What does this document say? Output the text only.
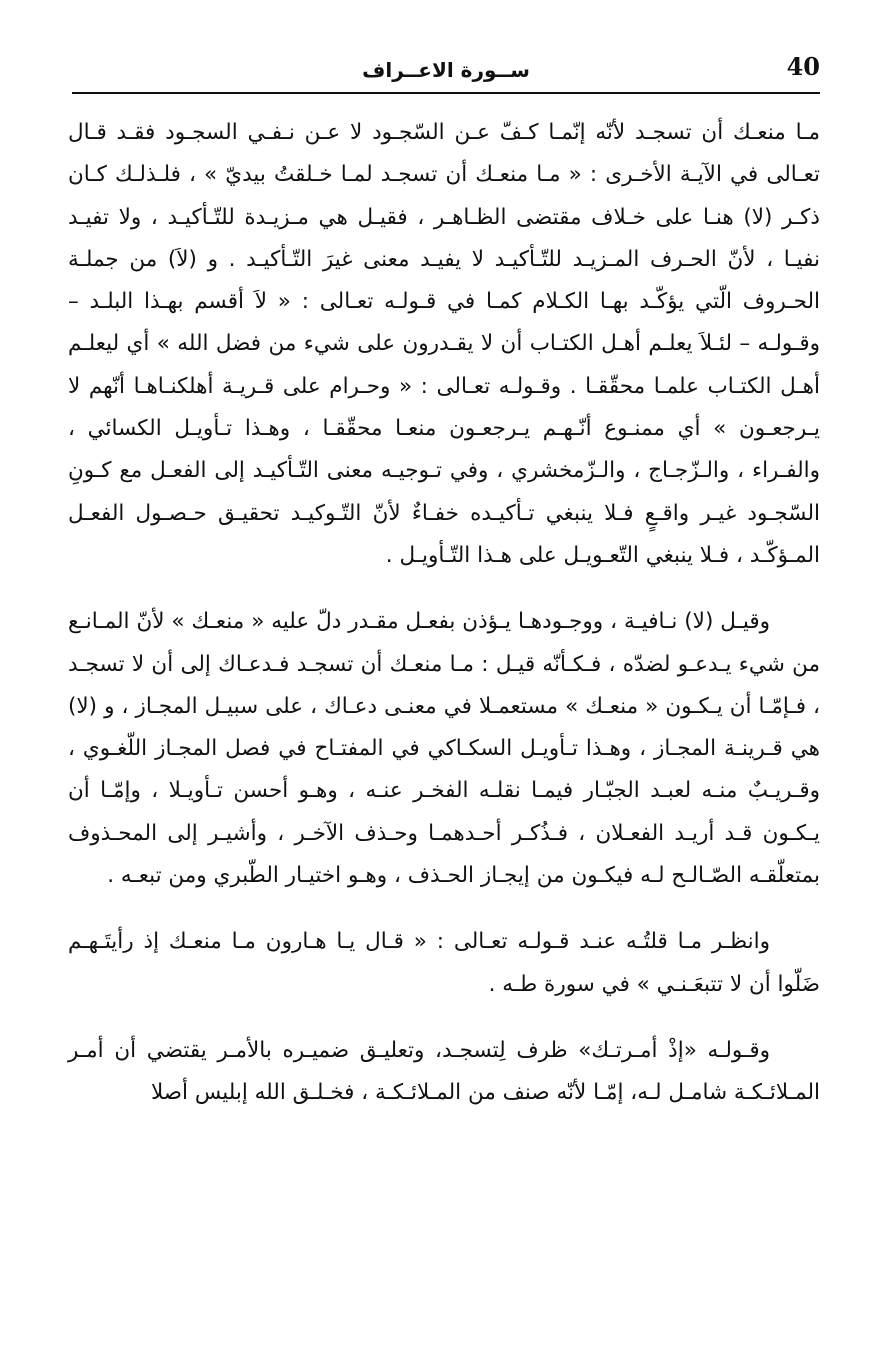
40
ســورة الاعــراف

مـا منعـك أن تسجـد لأنّه إنّمـا كـفّ عـن السّجـود لا عـن نـفـي السجـود فقـد قـال تعـالى في الآيـة الأخـرى : « مـا منعـك أن تسجـد لمـا خـلقتُ بيديّ » ، فلـذلـك كـان ذكـر (لا) هنـا على خـلاف مقتضى الظـاهـر ، فقيـل هي مـزيـدة للتّـأكيـد ، ولا تفيـد نفيـا ، لأنّ الحـرف المـزيـد للتّـأكيـد لا يفيـد معنى غيرَ التّـأكيـد . و (لاَ) من جملـة الحـروف الّتي يؤكّـد بهـا الكـلام كمـا في قـولـه تعـالى : « لاَ أقسم بهـذا البلـد – وقـولـه – لئـلاَ يعلـم أهـل الكتـاب أن لا يقـدرون على شيء من فضل الله » أي ليعلـم أهـل الكتـاب علمـا محقّقـا . وقـولـه تعـالى : « وحـرام على قـريـة أهلكنـاهـا أنّهم لا يـرجعـون » أي ممنـوع أنّـهـم يـرجعـون منعـا محقّقـا ، وهـذا تـأويـل الكسائي ، والفـراء ، والـزّجـاج ، والـزّمخشري ، وفي تـوجيـه معنى التّـأكيـد إلى الفعـل مع كـونِ السّجـود غيـر واقـعٍ فـلا ينبغي تـأكيـده خفـاءٌ لأنّ التّـوكيـد تحقيـق حـصـول الفعـل المـؤكّـد ، فـلا ينبغي التّعـويـل على هـذا التّـأويـل .

وقيـل (لا) نـافيـة ، ووجـودهـا يـؤذن بفعـل مقـدر دلّ عليه « منعـك » لأنّ المـانـع من شيء يـدعـو لضدّه ، فـكـأنّه قيـل : مـا منعـك أن تسجـد فـدعـاك إلى أن لا تسجـد ، فـإمّـا أن يـكـون « منعـك » مستعمـلا في معنـى دعـاك ، على سبيـل المجـاز ، و (لا) هي قـرينـة المجـاز ، وهـذا تـأويـل السكـاكي في المفتـاح في فصل المجـاز اللّغـوي ، وقـريـبٌ منـه لعبـد الجبّـار فيمـا نقلـه الفخـر عنـه ، وهـو أحسن تـأويـلا ، وإمّـا أن يـكـون قـد أريـد الفعـلان ، فـذُكـر أحـدهمـا وحـذف الآخـر ، وأشيـر إلى المحـذوف بمتعلّقـه الصّـالـح لـه فيكـون من إيجـاز الحـذف ، وهـو اختيـار الطّبري ومن تبعـه .

وانظـر مـا قلتُـه عنـد قـولـه تعـالى : « قـال يـا هـارون مـا منعـك إذ رأيتَـهـم ضَلّوا أن لا تتبعَـنـي » في سورة طـه .

وقـولـه «إذْ أمـرتـك» ظرف لِتسجـد، وتعليـق ضميـره بالأمـر يقتضي أن أمـر المـلائـكـة شامـل لـه، إمّـا لأنّه صنف من المـلائـكـة ، فخـلـق الله إبليس أصلا
